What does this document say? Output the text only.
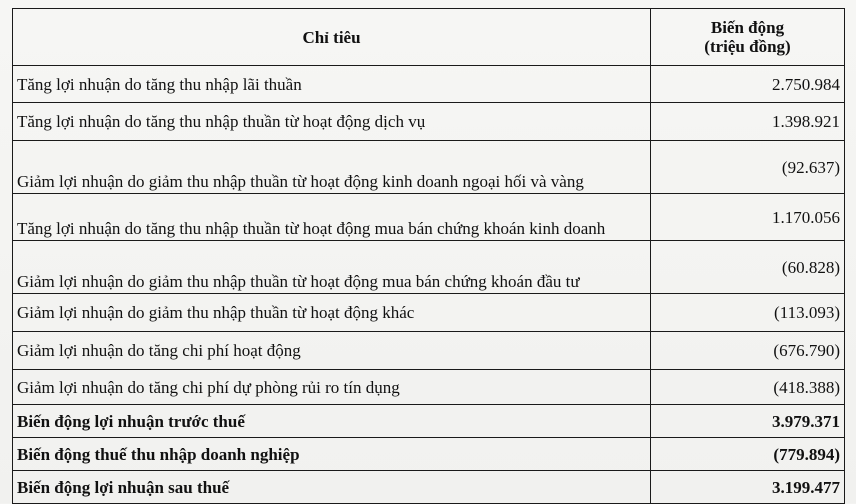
Chỉ tiêu	Biến động
(triệu đồng)

Tăng lợi nhuận do tăng thu nhập lãi thuần	2.750.984
Tăng lợi nhuận do tăng thu nhập thuần từ hoạt động dịch vụ	1.398.921
Giảm lợi nhuận do giảm thu nhập thuần từ hoạt động kinh doanh ngoại hối và vàng	(92.637)
Tăng lợi nhuận do tăng thu nhập thuần từ hoạt động mua bán chứng khoán kinh doanh	1.170.056
Giảm lợi nhuận do giảm thu nhập thuần từ hoạt động mua bán chứng khoán đầu tư	(60.828)
Giảm lợi nhuận do giảm thu nhập thuần từ hoạt động khác	(113.093)
Giảm lợi nhuận do tăng chi phí hoạt động	(676.790)
Giảm lợi nhuận do tăng chi phí dự phòng rủi ro tín dụng	(418.388)
Biến động lợi nhuận trước thuế	3.979.371
Biến động thuế thu nhập doanh nghiệp	(779.894)
Biến động lợi nhuận sau thuế	3.199.477
